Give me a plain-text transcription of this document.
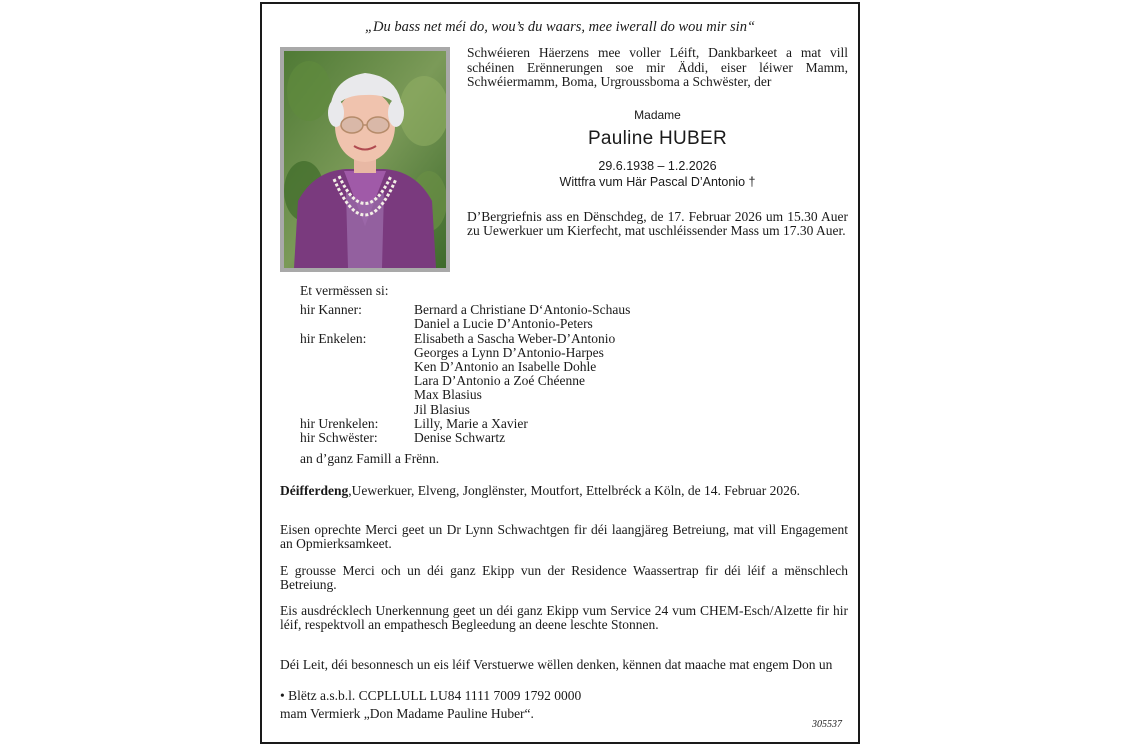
„Du bass net méi do, wou’s du waars, mee iwerall do wou mir sin“
Schwéieren Häerzens mee voller Léift, Dankbarkeet a mat vill
schéinen Erënnerungen soe mir Äddi, eiser léiwer Mamm,
Schwéiermamm, Boma, Urgroussboma a Schwëster, der
Madame
Pauline HUBER
29.6.1938 – 1.2.2026
Wittfra vum Här Pascal D’Antonio †
D’Bergriefnis ass en Dënschdeg, de 17. Februar 2026 um 15.30 Auer zu Uewerkuer um Kierfecht, mat uschléissender Mass um 17.30 Auer.
Et vermëssen si:
hir Kanner:	Bernard a Christiane D‘Antonio-Schaus
Daniel a Lucie D’Antonio-Peters
hir Enkelen:	Elisabeth a Sascha Weber-D’Antonio
Georges a Lynn D’Antonio-Harpes
Ken D’Antonio an Isabelle Dohle
Lara D’Antonio a Zoé Chéenne
Max Blasius
Jil Blasius
hir Urenkelen:	Lilly, Marie a Xavier
hir Schwëster:	Denise Schwartz
an d’ganz Famill a Frënn.
Déifferdeng,Uewerkuer, Elveng, Jonglënster, Moutfort, Ettelbréck a Köln, de 14. Februar 2026.
Eisen oprechte Merci geet un Dr Lynn Schwachtgen fir déi laangjäreg Betreiung, mat vill Engagement an Opmierksamkeet.
E grousse Merci och un déi ganz Ekipp vun der Residence Waassertrap fir déi léif a mënschlech Betreiung.
Eis ausdrécklech Unerkennung geet un déi ganz Ekipp vum Service 24 vum CHEM-Esch/Alzette fir hir léif, respektvoll an empathesch Begleedung an deene leschte Stonnen.
Déi Leit, déi besonnesch un eis léif Verstuerwe wëllen denken, kënnen dat maache mat engem Don un
• Blëtz a.s.b.l. CCPLLULL LU84 1111 7009 1792 0000
mam Vermierk „Don Madame Pauline Huber“.
305537
